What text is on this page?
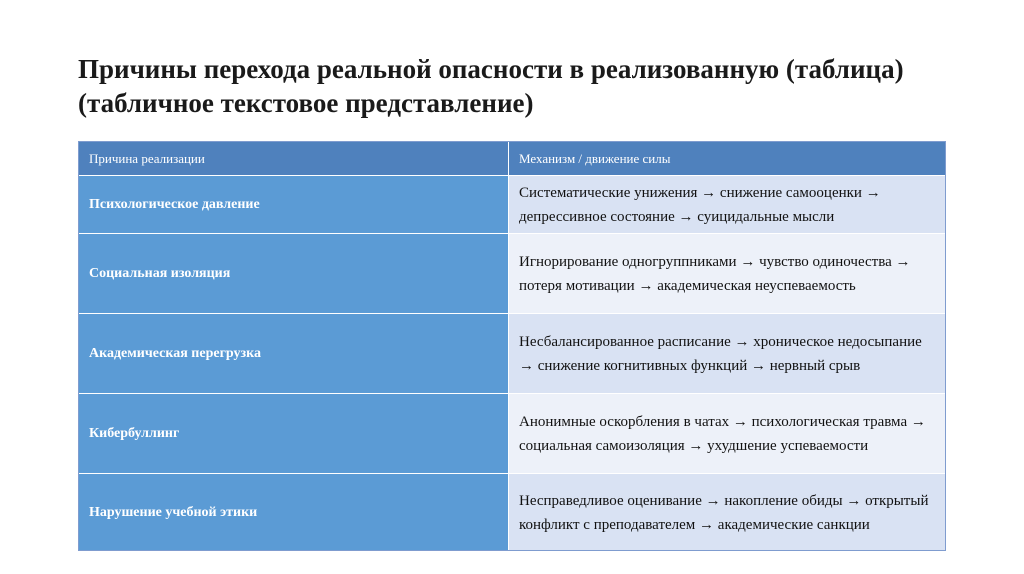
Причины перехода реальной опасности в реализованную (таблица) (табличное текстовое представление)
Причина реализации	Механизм / движение силы
Психологическое давление	Систематические унижения → снижение самооценки → депрессивное состояние → суицидальные мысли
Социальная изоляция	Игнорирование одногруппниками → чувство одиночества → потеря мотивации → академическая неуспеваемость
Академическая перегрузка	Несбалансированное расписание → хроническое недосыпание → снижение когнитивных функций → нервный срыв
Кибербуллинг	Анонимные оскорбления в чатах → психологическая травма → социальная самоизоляция → ухудшение успеваемости
Нарушение учебной этики	Несправедливое оценивание → накопление обиды → открытый конфликт с преподавателем → академические санкции
